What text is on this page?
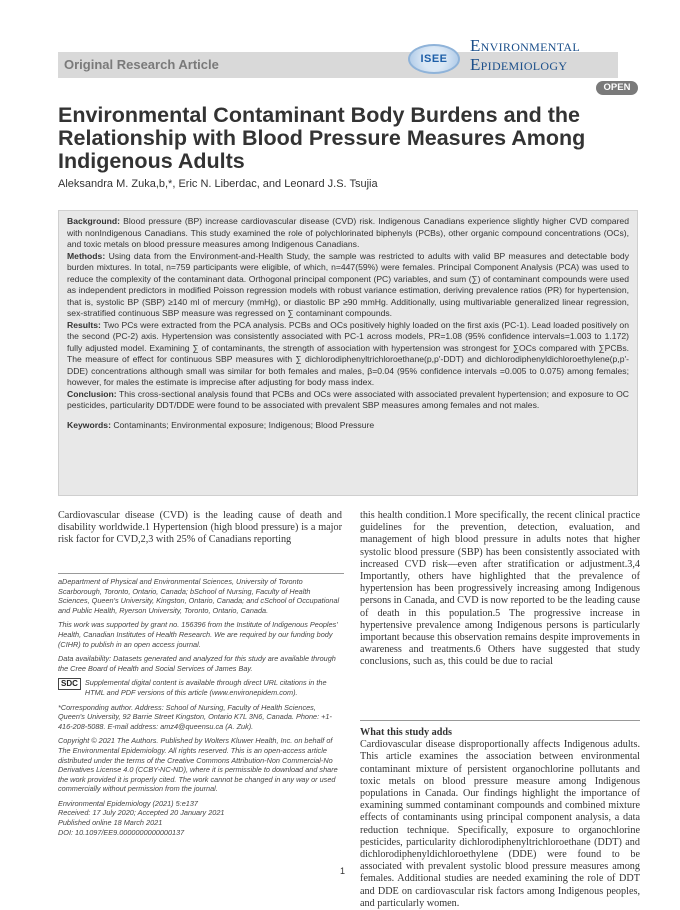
Original Research Article	ISEE
Environmental
Epidemiology
OPEN
Environmental Contaminant Body Burdens and the Relationship with Blood Pressure Measures Among Indigenous Adults
Aleksandra M. Zuka,b,*, Eric N. Liberdac, and Leonard J.S. Tsujia

Background: Blood pressure (BP) increase cardiovascular disease (CVD) risk. Indigenous Canadians experience slightly higher CVD compared with nonIndigenous Canadians. This study examined the role of polychlorinated biphenyls (PCBs), other organic compound concentrations (OCs), and toxic metals on blood pressure measures among Indigenous Canadians.

Methods: Using data from the Environment-and-Health Study, the sample was restricted to adults with valid BP measures and detectable body burden mixtures. In total, n=759 participants were eligible, of which, n=447(59%) were females. Principal Component Analysis (PCA) was used to reduce the complexity of the contaminant data. Orthogonal principal component (PC) variables, and sum (∑) of contaminant compounds were used as independent predictors in modified Poisson regression models with robust variance estimation, deriving prevalence ratios (PR) for hypertension, that is, systolic BP (SBP) ≥140 ml of mercury (mmHg), or diastolic BP ≥90 mmHg. Additionally, using multivariable generalized linear regression, sex-stratified continuous SBP measure was regressed on ∑ contaminant compounds.

Results: Two PCs were extracted from the PCA analysis. PCBs and OCs positively highly loaded on the first axis (PC-1). Lead loaded positively on the second (PC-2) axis. Hypertension was consistently associated with PC-1 across models, PR=1.08 (95% confidence intervals=1.003 to 1.172) fully adjusted model. Examining ∑ of contaminants, the strength of association with hypertension was strongest for ∑OCs compared with ∑PCBs. The measure of effect for continuous SBP measures with ∑ dichlorodiphenyltrichloroethane(p,p'-DDT) and dichlorodiphenyldichloroethylene(p,p'-DDE) concentrations although small was similar for both females and males, β=0.04 (95% confidence intervals =0.005 to 0.075) among females; however, for males the estimate is imprecise after adjusting for body mass index.

Conclusion: This cross-sectional analysis found that PCBs and OCs were associated with associated prevalent hypertension; and exposure to OC pesticides, particularity DDT/DDE were found to be associated with prevalent SBP measures among females and not males.

Keywords: Contaminants; Environmental exposure; Indigenous; Blood Pressure

Cardiovascular disease (CVD) is the leading cause of death and disability worldwide.1 Hypertension (high blood pressure) is a major risk factor for CVD,2,3 with 25% of Canadians reporting
this health condition.1 More specifically, the recent clinical practice guidelines for the prevention, detection, evaluation, and management of high blood pressure in adults notes that higher systolic blood pressure (SBP) has been consistently associated with increased CVD risk—even after stratification or adjustment.3,4 Importantly, others have highlighted that the prevalence of hypertension has been progressively increasing among Indigenous persons in Canada, and CVD is now reported to be the leading cause of death in this population.5 The progressive increase in hypertensive prevalence among Indigenous persons is particularly important because this observation remains despite improvements in awareness and treatments.6 Others have suggested that study conclusions, such as, this could be due to racial

aDepartment of Physical and Environmental Sciences, University of Toronto Scarborough, Toronto, Ontario, Canada; bSchool of Nursing, Faculty of Health Sciences, Queen's University, Kingston, Ontario, Canada; and cSchool of Occupational and Public Health, Ryerson University, Toronto, Ontario, Canada.

This work was supported by grant no. 156396 from the Institute of Indigenous Peoples' Health, Canadian Institutes of Health Research. We are required by our funding body (CIHR) to publish in an open access journal.

Data availability: Datasets generated and analyzed for this study are available through the Cree Board of Health and Social Services of James Bay.

SDC Supplemental digital content is available through direct URL citations in the HTML and PDF versions of this article (www.environepidem.com).

*Corresponding author. Address: School of Nursing, Faculty of Health Sciences, Queen's University, 92 Barrie Street Kingston, Ontario K7L 3N6, Canada. Phone: +1-416-208-5088. E-mail address: amz4@queensu.ca (A. Zuk).

Copyright © 2021 The Authors. Published by Wolters Kluwer Health, Inc. on behalf of The Environmental Epidemiology. All rights reserved. This is an open-access article distributed under the terms of the Creative Commons Attribution-Non Commercial-No Derivatives License 4.0 (CCBY-NC-ND), where it is permissible to download and share the work provided it is properly cited. The work cannot be changed in any way or used commercially without permission from the journal.

Environmental Epidemiology (2021) 5:e137
Received: 17 July 2020; Accepted 20 January 2021
Published online 18 March 2021
DOI: 10.1097/EE9.0000000000000137
What this study adds
Cardiovascular disease disproportionally affects Indigenous adults. This article examines the association between environmental contaminant mixture of persistent organochlorine pollutants and toxic metals on blood pressure measure among Indigenous populations in Canada. Our findings highlight the importance of examining summed contaminant compounds and combined mixture effects of contaminants using principal component analysis, a data reduction technique. Specifically, exposure to organochlorine pesticides, particularity dichlorodiphenyltrichloroethane (DDT) and dichlorodiphenyldichloroethylene (DDE) were found to be associated with prevalent systolic blood pressure measures among females. Additional studies are needed examining the role of DDT and DDE on cardiovascular risk factors among Indigenous peoples, and particularly women.
1
